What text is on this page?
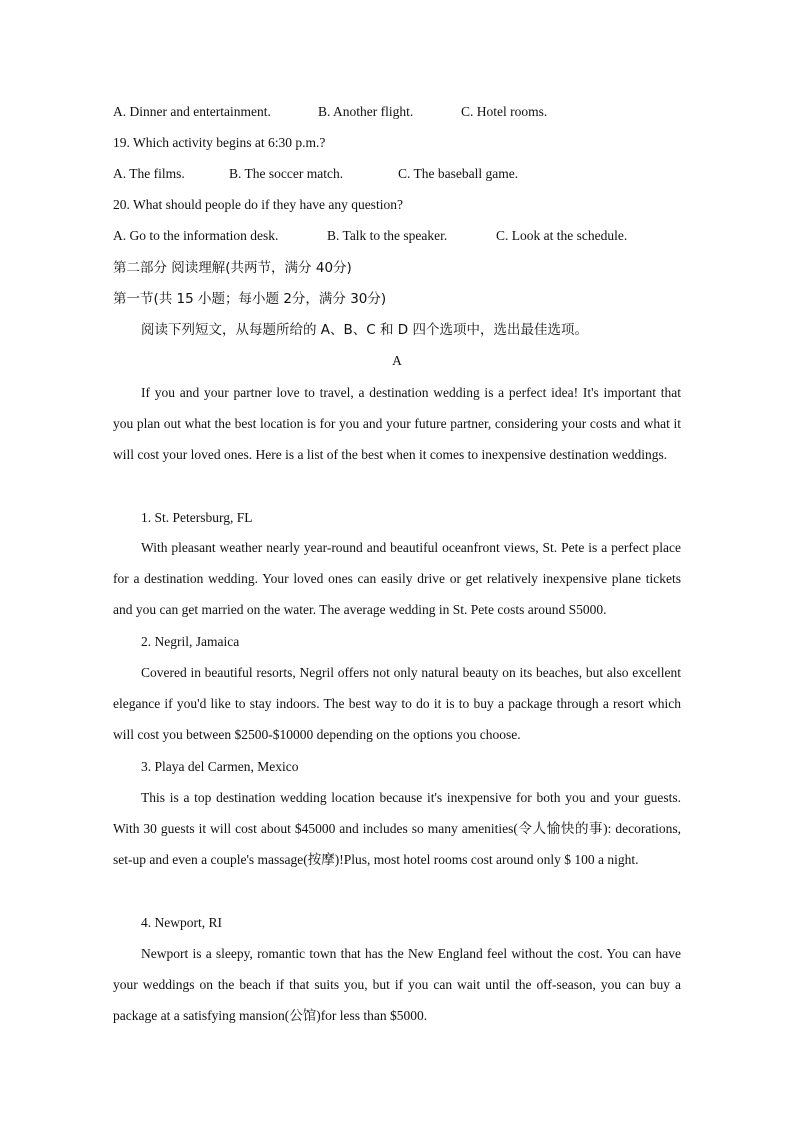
A. Dinner and entertainment.	B. Another flight.	C. Hotel rooms.
19. Which activity begins at 6:30 p.m.?
A. The films.	B. The soccer match.	C. The baseball game.
20. What should people do if they have any question?
A. Go to the information desk.	B. Talk to the speaker.	C. Look at the schedule.
第二部分 阅读理解(共两节，满分 40分)
第一节(共 15 小题；每小题 2分，满分 30分)
阅读下列短文，从每题所给的 A、B、C 和 D 四个选项中，选出最佳选项。
A
If you and your partner love to travel, a destination wedding is a perfect idea! It's important that you plan out what the best location is for you and your future partner, considering your costs and what it will cost your loved ones. Here is a list of the best when it comes to inexpensive destination weddings.
1. St. Petersburg, FL
With pleasant weather nearly year-round and beautiful oceanfront views, St. Pete is a perfect place for a destination wedding. Your loved ones can easily drive or get relatively inexpensive plane tickets and you can get married on the water. The average wedding in St. Pete costs around S5000.
2. Negril, Jamaica
Covered in beautiful resorts, Negril offers not only natural beauty on its beaches, but also excellent elegance if you'd like to stay indoors. The best way to do it is to buy a package through a resort which will cost you between $2500-$10000 depending on the options you choose.
3. Playa del Carmen, Mexico
This is a top destination wedding location because it's inexpensive for both you and your guests. With 30 guests it will cost about $45000 and includes so many amenities(令人愉快的事): decorations, set-up and even a couple's massage(按摩)!Plus, most hotel rooms cost around only $ 100 a night.
4. Newport, RI
Newport is a sleepy, romantic town that has the New England feel without the cost. You can have your weddings on the beach if that suits you, but if you can wait until the off-season, you can buy a package at a satisfying mansion(公馆)for less than $5000.
